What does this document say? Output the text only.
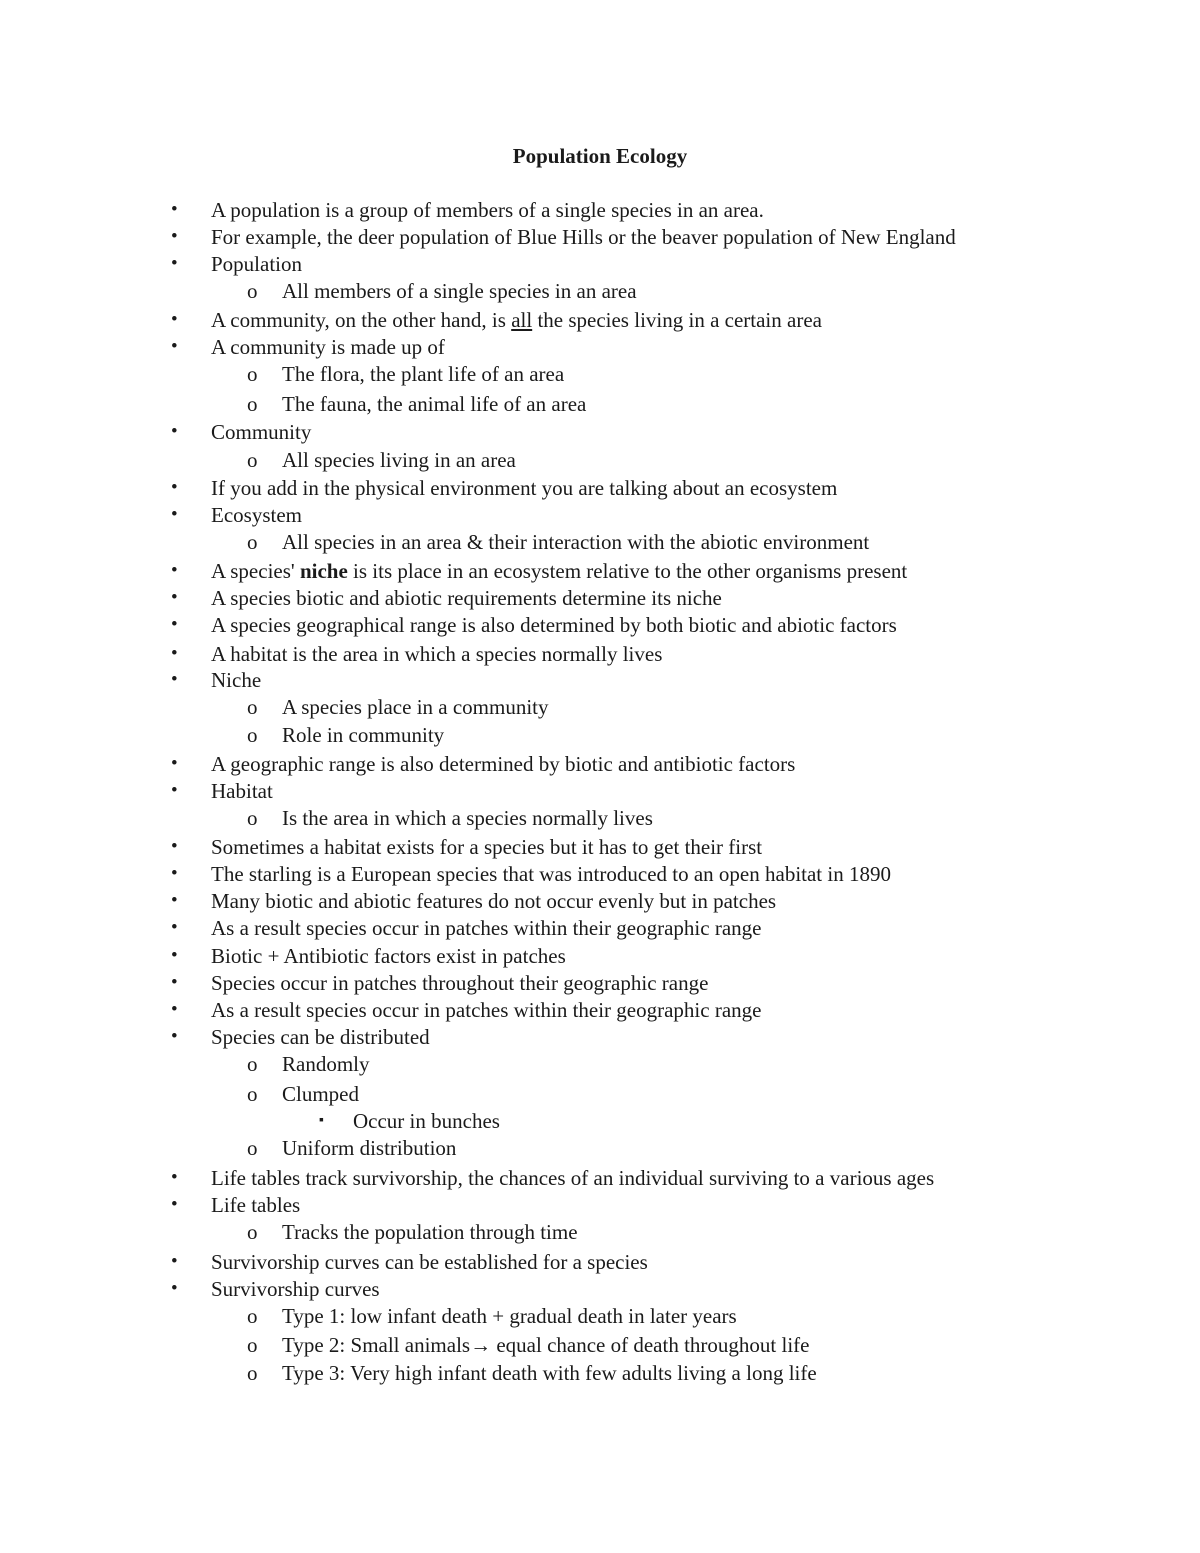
Population Ecology
• A population is a group of members of a single species in an area.
• For example, the deer population of Blue Hills or the beaver population of New England
• Population
o All members of a single species in an area
• A community, on the other hand, is all the species living in a certain area
• A community is made up of
o The flora, the plant life of an area
o The fauna, the animal life of an area
• Community
o All species living in an area
• If you add in the physical environment you are talking about an ecosystem
• Ecosystem
o All species in an area & their interaction with the abiotic environment
• A species' niche is its place in an ecosystem relative to the other organisms present
• A species biotic and abiotic requirements determine its niche
• A species geographical range is also determined by both biotic and abiotic factors
• A habitat is the area in which a species normally lives
• Niche
o A species place in a community
o Role in community
• A geographic range is also determined by biotic and antibiotic factors
• Habitat
o Is the area in which a species normally lives
• Sometimes a habitat exists for a species but it has to get their first
• The starling is a European species that was introduced to an open habitat in 1890
• Many biotic and abiotic features do not occur evenly but in patches
• As a result species occur in patches within their geographic range
• Biotic + Antibiotic factors exist in patches
• Species occur in patches throughout their geographic range
• As a result species occur in patches within their geographic range
• Species can be distributed
o Randomly
o Clumped
▪ Occur in bunches
o Uniform distribution
• Life tables track survivorship, the chances of an individual surviving to a various ages
• Life tables
o Tracks the population through time
• Survivorship curves can be established for a species
• Survivorship curves
o Type 1: low infant death + gradual death in later years
o Type 2: Small animals→ equal chance of death throughout life
o Type 3: Very high infant death with few adults living a long life
